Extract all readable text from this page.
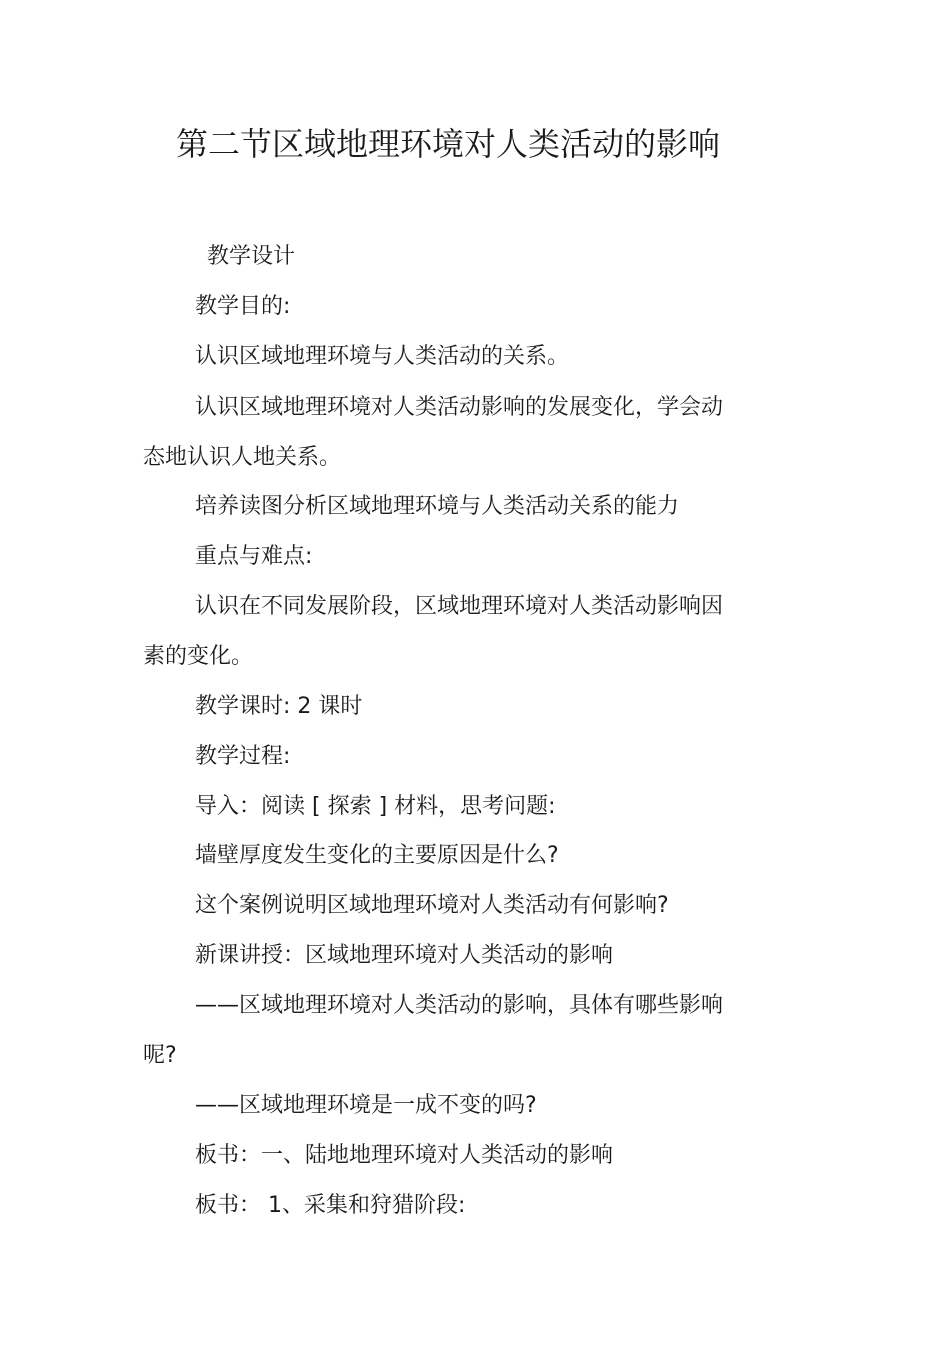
第二节区域地理环境对人类活动的影响
教学设计
教学目的:
认识区域地理环境与人类活动的关系。
认识区域地理环境对人类活动影响的发展变化，学会动
态地认识人地关系。
培养读图分析区域地理环境与人类活动关系的能力
重点与难点:
认识在不同发展阶段，区域地理环境对人类活动影响因
素的变化。
教学课时: 2 课时
教学过程:
导入：阅读 [ 探索 ] 材料，思考问题:
墙壁厚度发生变化的主要原因是什么?
这个案例说明区域地理环境对人类活动有何影响?
新课讲授：区域地理环境对人类活动的影响
——区域地理环境对人类活动的影响，具体有哪些影响
呢?
——区域地理环境是一成不变的吗?
板书：一、陆地地理环境对人类活动的影响
板书： 1、采集和狩猎阶段:
